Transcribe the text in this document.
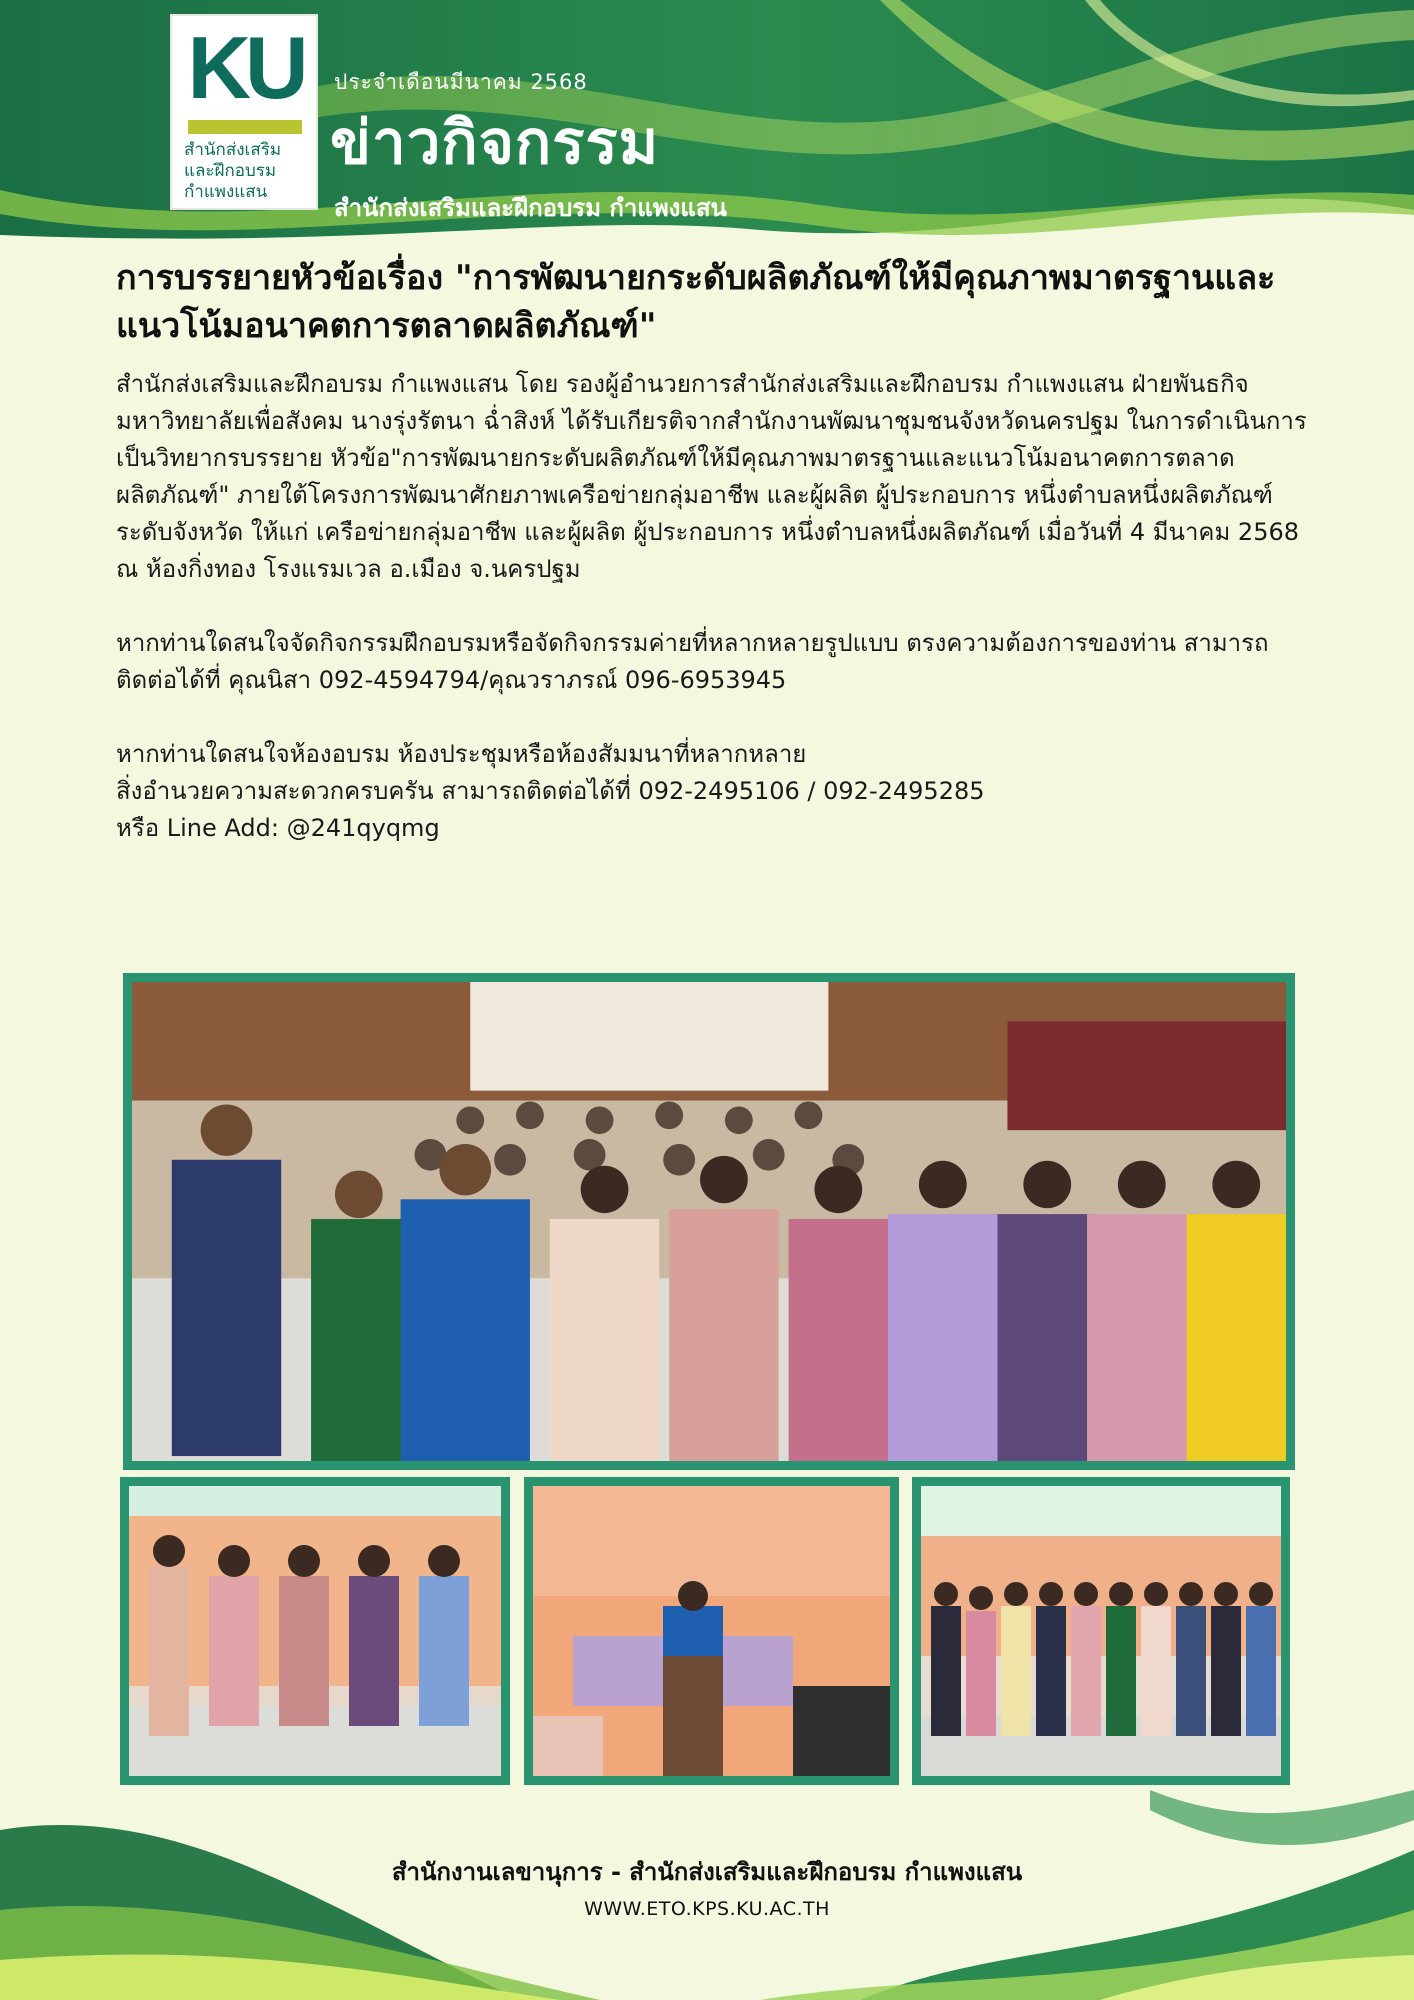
KU
สำนักส่งเสริม
และฝึกอบรม
กำแพงแสน
ประจำเดือนมีนาคม 2568
ข่าวกิจกรรม
สำนักส่งเสริมและฝึกอบรม กำแพงแสน
การบรรยายหัวข้อเรื่อง "การพัฒนายกระดับผลิตภัณฑ์ให้มีคุณภาพมาตรฐานและแนวโน้มอนาคตการตลาดผลิตภัณฑ์"

สำนักส่งเสริมและฝึกอบรม กำแพงแสน โดย รองผู้อำนวยการสำนักส่งเสริมและฝึกอบรม กำแพงแสน ฝ่ายพันธกิจมหาวิทยาลัยเพื่อสังคม นางรุ่งรัตนา ฉ่ำสิงห์ ได้รับเกียรติจากสำนักงานพัฒนาชุมชนจังหวัดนครปฐม ในการดำเนินการเป็นวิทยากรบรรยาย หัวข้อ"การพัฒนายกระดับผลิตภัณฑ์ให้มีคุณภาพมาตรฐานและแนวโน้มอนาคตการตลาดผลิตภัณฑ์" ภายใต้โครงการพัฒนาศักยภาพเครือข่ายกลุ่มอาชีพ และผู้ผลิต ผู้ประกอบการ หนึ่งตำบลหนึ่งผลิตภัณฑ์ ระดับจังหวัด ให้แก่ เครือข่ายกลุ่มอาชีพ และผู้ผลิต ผู้ประกอบการ หนึ่งตำบลหนึ่งผลิตภัณฑ์ เมื่อวันที่ 4 มีนาคม 2568 ณ ห้องกิ่งทอง โรงแรมเวล อ.เมือง จ.นครปฐม

หากท่านใดสนใจจัดกิจกรรมฝึกอบรมหรือจัดกิจกรรมค่ายที่หลากหลายรูปแบบ ตรงความต้องการของท่าน สามารถติดต่อได้ที่ คุณนิสา 092-4594794/คุณวราภรณ์ 096-6953945

หากท่านใดสนใจห้องอบรม ห้องประชุมหรือห้องสัมมนาที่หลากหลาย
สิ่งอำนวยความสะดวกครบครัน สามารถติดต่อได้ที่ 092-2495106 / 092-2495285
หรือ Line Add: @241qyqmg

สำนักงานเลขานุการ - สำนักส่งเสริมและฝึกอบรม กำแพงแสน
WWW.ETO.KPS.KU.AC.TH
